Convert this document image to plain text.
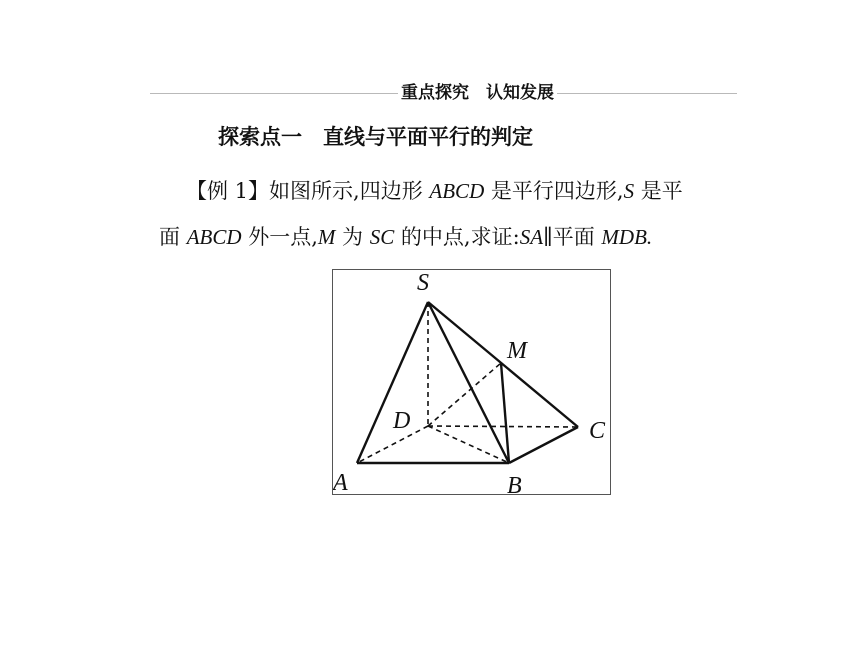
重点探究　认知发展
探索点一　直线与平面平行的判定
【例 1】如图所示,四边形 ABCD 是平行四边形,S 是平
面 ABCD 外一点,M 为 SC 的中点,求证:SA∥平面 MDB.
S
M
D	C
A	B
